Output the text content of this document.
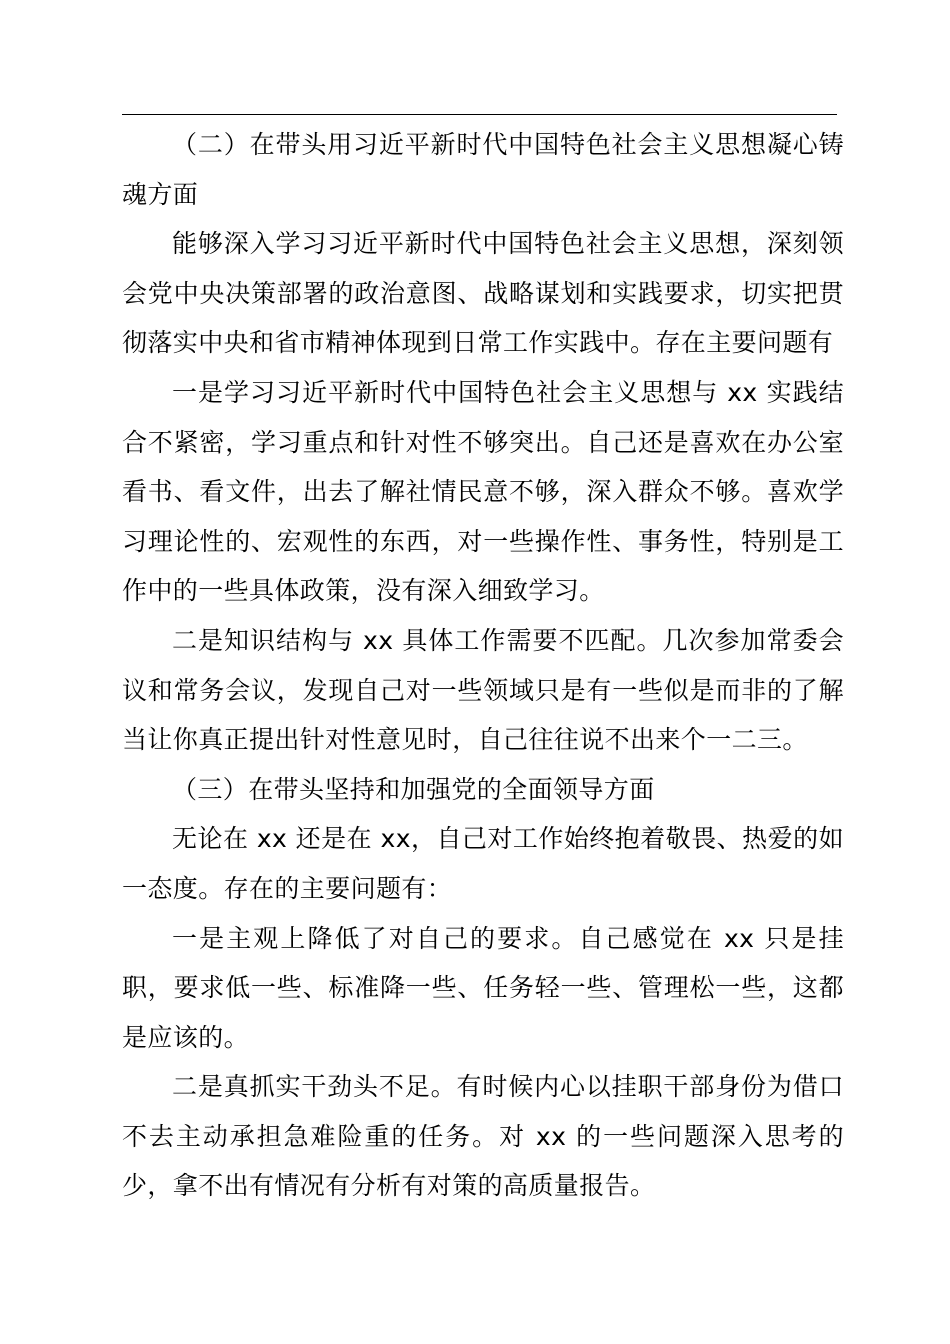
（二）在带头用习近平新时代中国特色社会主义思想凝心铸魂方面

能够深入学习习近平新时代中国特色社会主义思想，深刻领会党中央决策部署的政治意图、战略谋划和实践要求，切实把贯彻落实中央和省市精神体现到日常工作实践中。存在主要问题有

一是学习习近平新时代中国特色社会主义思想与 xx 实践结合不紧密，学习重点和针对性不够突出。自己还是喜欢在办公室看书、看文件，出去了解社情民意不够，深入群众不够。喜欢学习理论性的、宏观性的东西，对一些操作性、事务性，特别是工作中的一些具体政策，没有深入细致学习。

二是知识结构与 xx 具体工作需要不匹配。几次参加常委会议和常务会议，发现自己对一些领域只是有一些似是而非的了解当让你真正提出针对性意见时，自己往往说不出来个一二三。

（三）在带头坚持和加强党的全面领导方面

无论在 xx 还是在 xx，自己对工作始终抱着敬畏、热爱的如一态度。存在的主要问题有：

一是主观上降低了对自己的要求。自己感觉在 xx 只是挂职，要求低一些、标准降一些、任务轻一些、管理松一些，这都是应该的。

二是真抓实干劲头不足。有时候内心以挂职干部身份为借口不去主动承担急难险重的任务。对 xx 的一些问题深入思考的少，拿不出有情况有分析有对策的高质量报告。
